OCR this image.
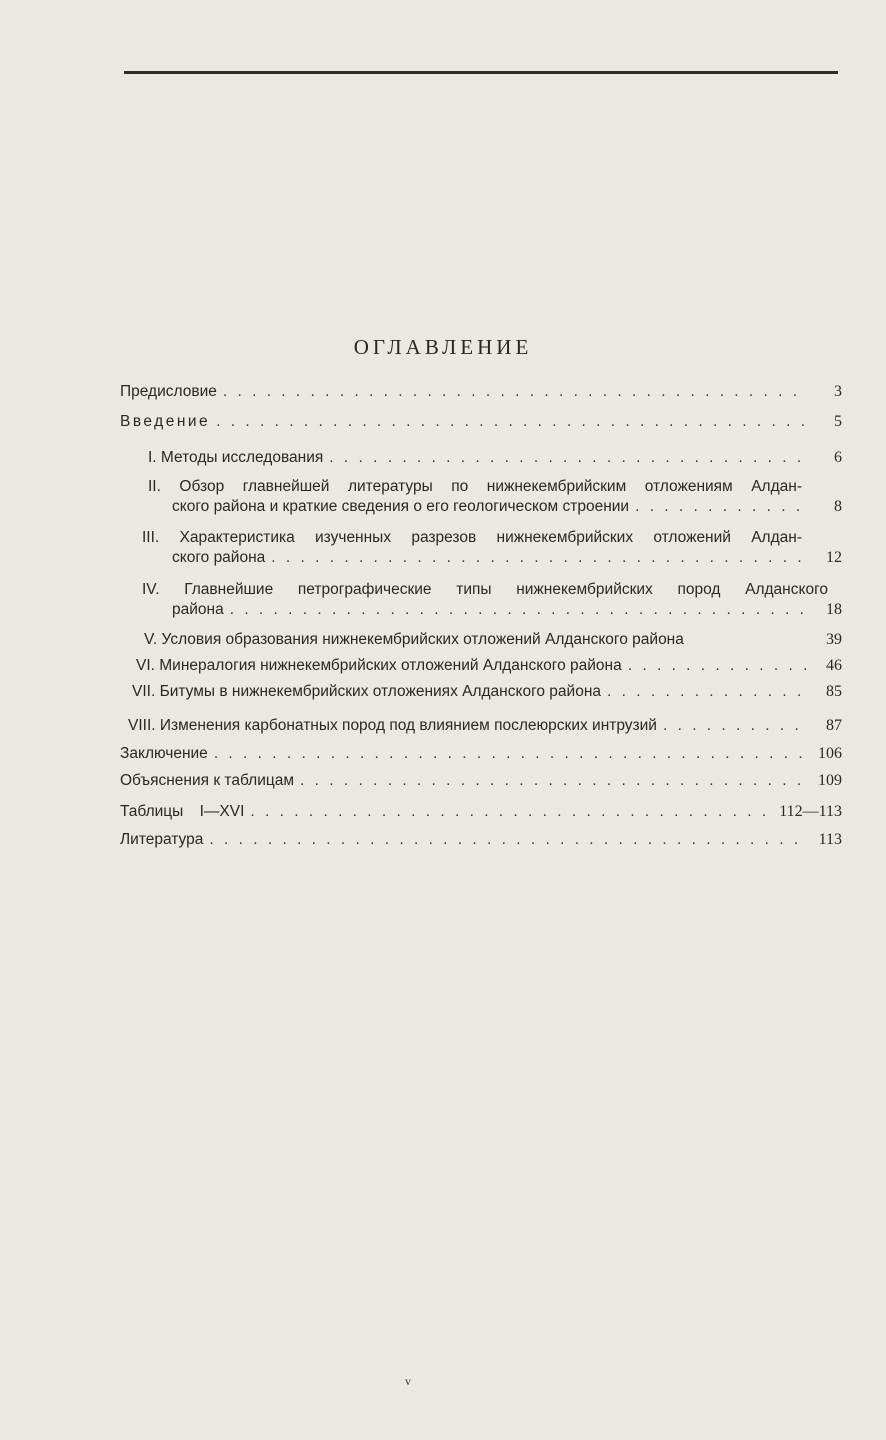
ОГЛАВЛЕНИЕ
Предисловие . . .	3
Введение . . .	5
I. Методы исследования . . .	6
II. Обзор главнейшей литературы по нижнекембрийским отложениям Алдан-
ского района и краткие сведения о его геологическом строении . . .	8
III. Характеристика изученных разрезов нижнекембрийских отложений Алдан-
ского района . . .	12
IV. Главнейшие петрографические типы нижнекембрийских пород Алданского
района . . .	18
V. Условия образования нижнекембрийских отложений Алданского района	39
VI. Минералогия нижнекембрийских отложений Алданского района . . .	46
VII. Битумы в нижнекембрийских отложениях Алданского района . . .	85
VIII. Изменения карбонатных пород под влиянием послеюрских интрузий . . .	87
Заключение . . .	106
Объяснения к таблицам . . .	109
Таблицы I—XVI . . .	112—113
Литература . . .	113
v
